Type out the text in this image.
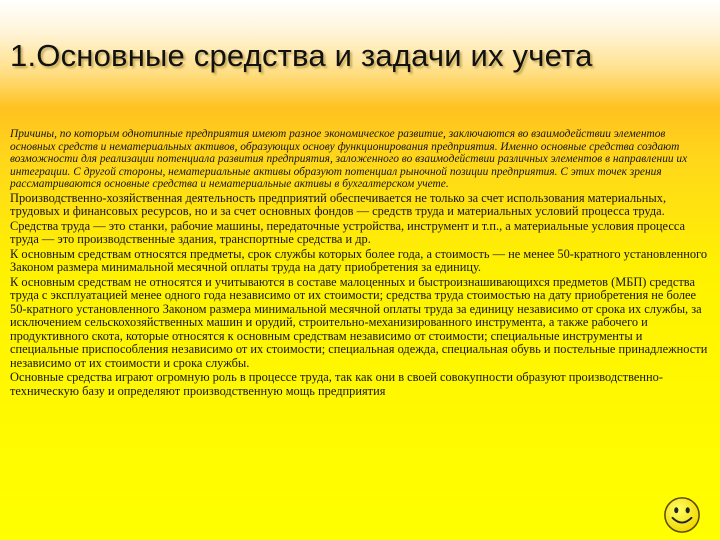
1.Основные средства и задачи их учета

Причины, по которым однотипные предприятия имеют разное экономическое развитие, заключаются во взаимодействии элементов основных средств и нематериальных активов, образующих основу функционирования предприятия. Именно основные средства создают возможности для реализации потенциала развития предприятия, заложенного во взаимодействии различных элементов в направлении их интеграции. С другой стороны, нематериальные активы образуют потенциал рыночной позиции предприятия. С этих точек зрения рассматриваются основные средства и нематериальные активы в бухгалтерском учете.

Производственно-хозяйственная деятельность предприятий обеспечивается не только за счет использования материальных, трудовых и финансовых ресурсов, но и за счет основных фондов — средств труда и материальных условий процесса труда.

Средства труда — это станки, рабочие машины, передаточные устройства, инструмент и т.п., а материальные условия процесса труда — это производственные здания, транспортные средства и др.

К основным средствам относятся предметы, срок службы которых более года, а стоимость — не менее 50-кратного установленного Законом размера минимальной месячной оплаты труда на дату приобретения за единицу.

К основным средствам не относятся и учитываются в составе малоценных и быстроизнашивающихся предметов (МБП) средства труда с эксплуатацией менее одного года независимо от их стоимости; средства труда стоимостью на дату приобретения не более 50-кратного установленного Законом размера минимальной месячной оплаты труда за единицу независимо от срока их службы, за исключением сельскохозяйственных машин и орудий, строительно-механизированного инструмента, а также рабочего и продуктивного скота, которые относятся к основным средствам независимо от стоимости; специальные инструменты и специальные приспособления независимо от их стоимости; специальная одежда, специальная обувь и постельные принадлежности независимо от их стоимости и срока службы.

Основные средства играют огромную роль в процессе труда, так как они в своей совокупности образуют производственно-техническую базу и определяют производственную мощь предприятия
